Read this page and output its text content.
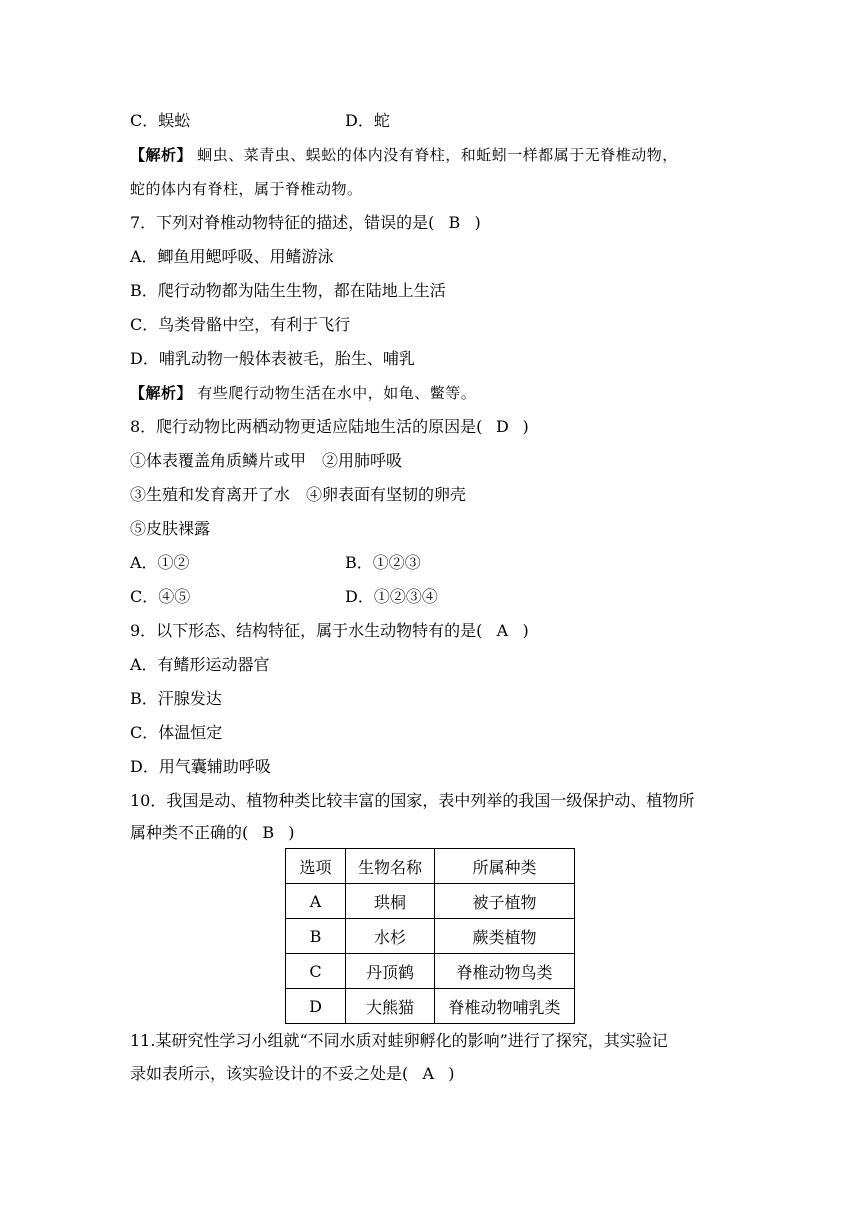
C．蜈蚣	D．蛇
【解析】 蛔虫、菜青虫、蜈蚣的体内没有脊柱，和蚯蚓一样都属于无脊椎动物，
蛇的体内有脊柱，属于脊椎动物。
7．下列对脊椎动物特征的描述，错误的是( B )
A．鲫鱼用鳃呼吸、用鳍游泳
B．爬行动物都为陆生生物，都在陆地上生活
C．鸟类骨骼中空，有利于飞行
D．哺乳动物一般体表被毛，胎生、哺乳
【解析】 有些爬行动物生活在水中，如龟、鳖等。
8．爬行动物比两栖动物更适应陆地生活的原因是( D )
①体表覆盖角质鳞片或甲　②用肺呼吸
③生殖和发育离开了水　④卵表面有坚韧的卵壳
⑤皮肤裸露
A．①②	B．①②③
C．④⑤	D．①②③④
9．以下形态、结构特征，属于水生动物特有的是( A )
A．有鳍形运动器官
B．汗腺发达
C．体温恒定
D．用气囊辅助呼吸
10．我国是动、植物种类比较丰富的国家，表中列举的我国一级保护动、植物所
属种类不正确的( B )
选项	生物名称	所属种类
A	珙桐	被子植物
B	水杉	蕨类植物
C	丹顶鹤	脊椎动物鸟类
D	大熊猫	脊椎动物哺乳类
11.某研究性学习小组就“不同水质对蛙卵孵化的影响”进行了探究，其实验记
录如表所示，该实验设计的不妥之处是( A )
